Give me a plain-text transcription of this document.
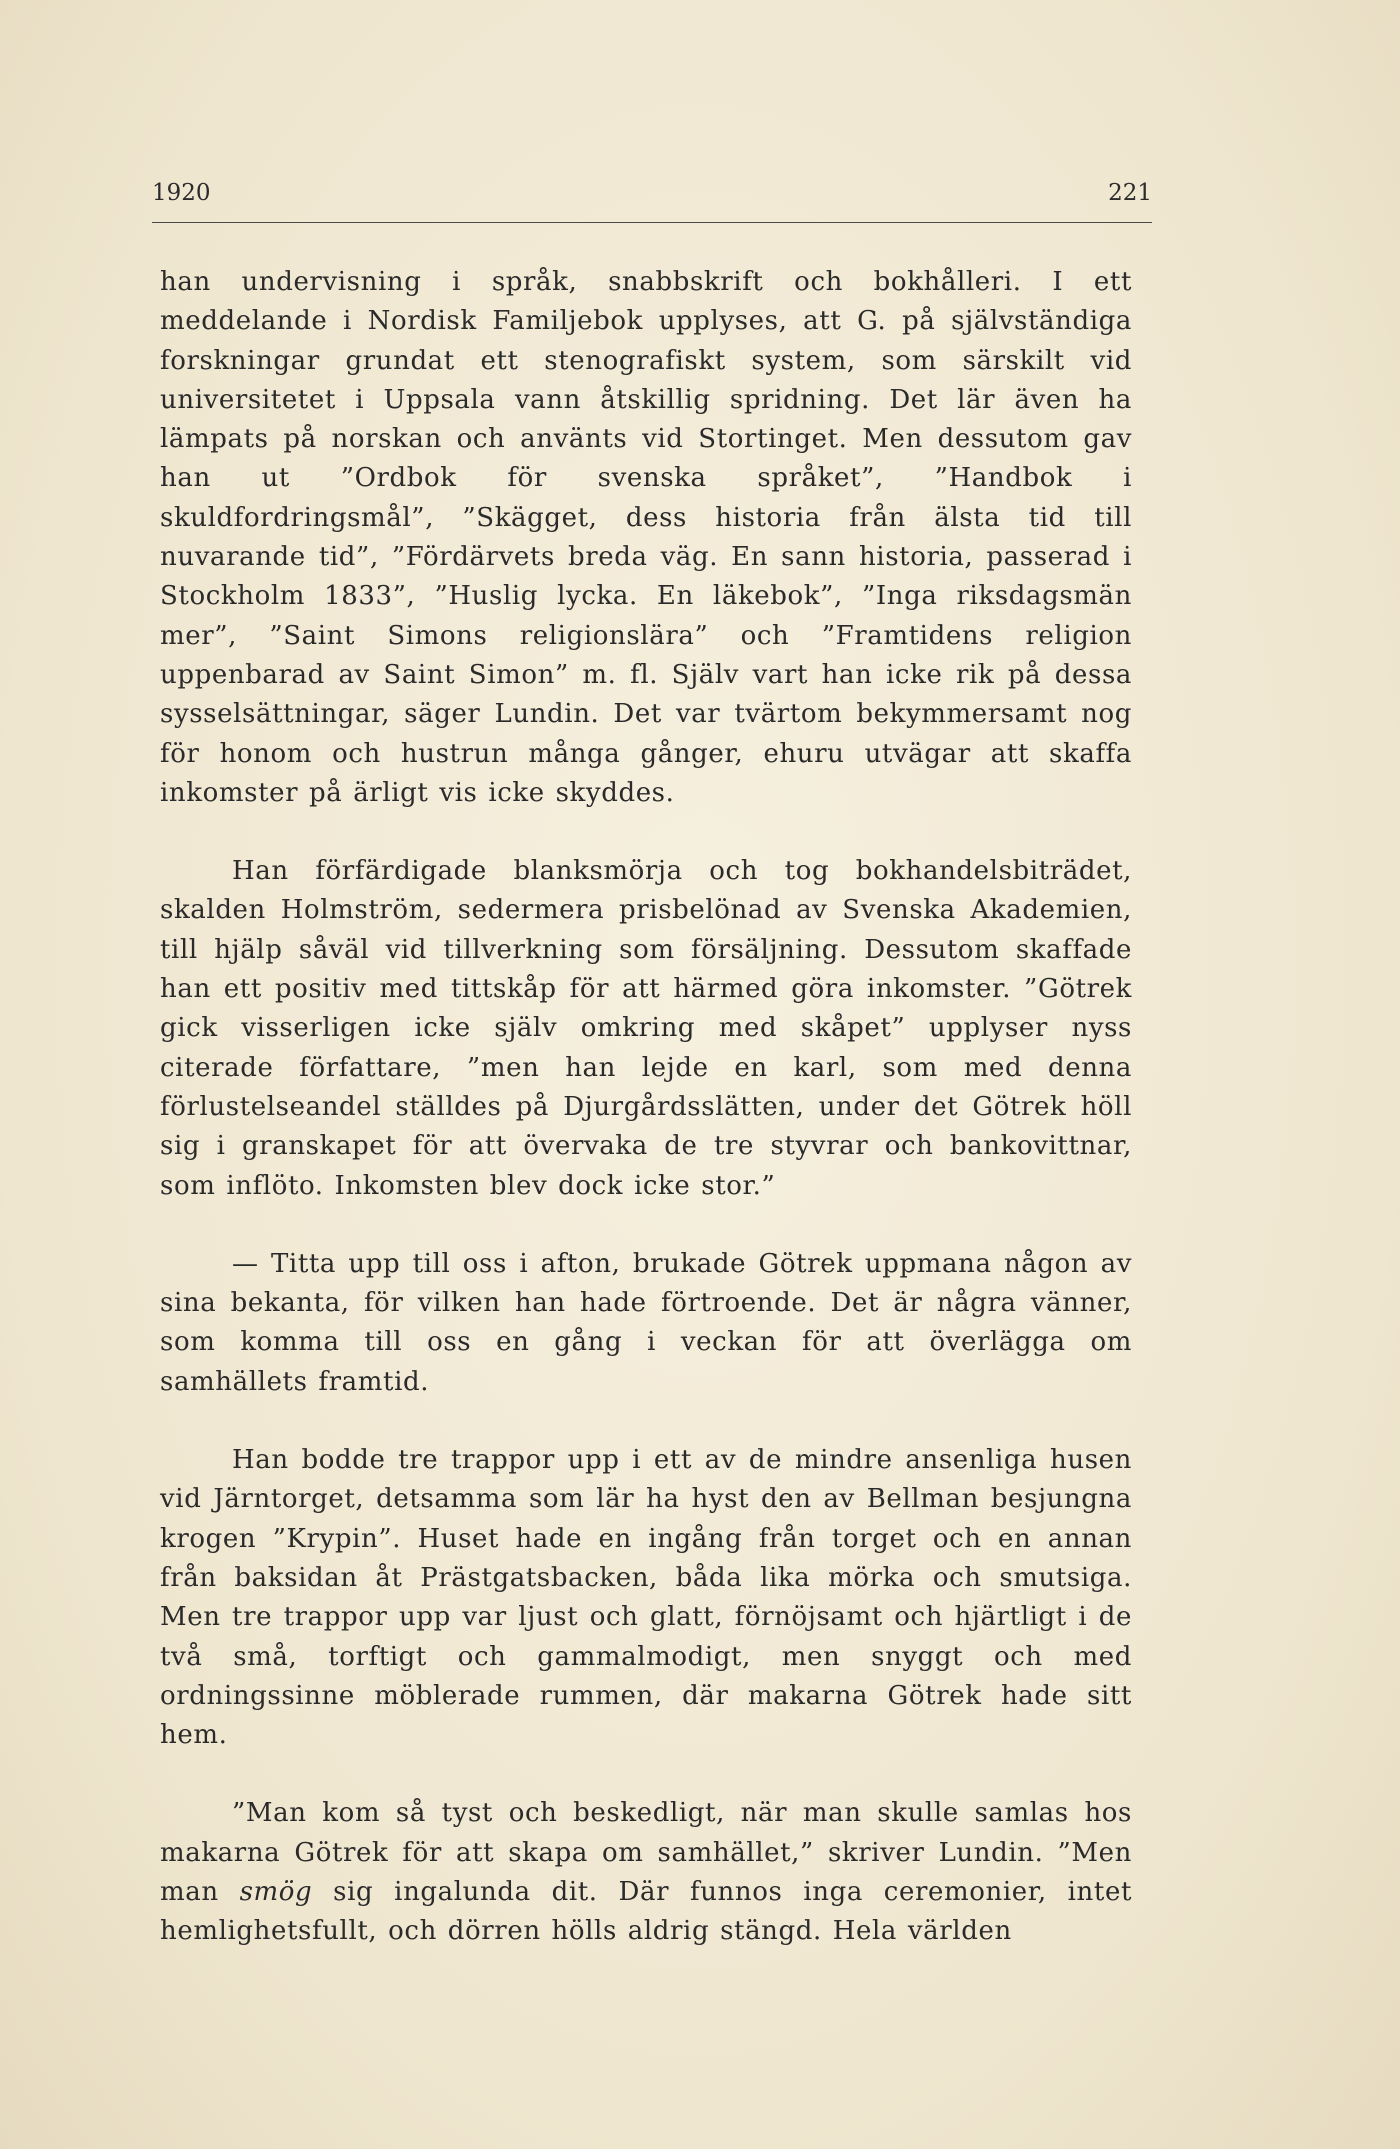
1920	221

han undervisning i språk, snabbskrift och bokhålleri. I ett meddelande i Nordisk Familjebok upplyses, att G. på självständiga forskningar grundat ett stenografiskt system, som särskilt vid universitetet i Uppsala vann åtskillig spridning. Det lär även ha lämpats på norskan och använts vid Stortinget. Men dessutom gav han ut ”Ordbok för svenska språket”, ”Handbok i skuldfordringsmål”, ”Skägget, dess historia från älsta tid till nuvarande tid”, ”Fördärvets breda väg. En sann historia, passerad i Stockholm 1833”, ”Huslig lycka. En läkebok”, ”Inga riksdagsmän mer”, ”Saint Simons religionslära” och ”Framtidens religion uppenbarad av Saint Simon” m. fl. Själv vart han icke rik på dessa sysselsättningar, säger Lundin. Det var tvärtom bekymmersamt nog för honom och hustrun många gånger, ehuru utvägar att skaffa inkomster på ärligt vis icke skyddes.

Han förfärdigade blanksmörja och tog bokhandelsbiträdet, skalden Holmström, sedermera prisbelönad av Svenska Akademien, till hjälp såväl vid tillverkning som försäljning. Dessutom skaffade han ett positiv med tittskåp för att härmed göra inkomster. ”Götrek gick visserligen icke själv omkring med skåpet” upplyser nyss citerade författare, ”men han lejde en karl, som med denna förlustelseandel ställdes på Djurgårdsslätten, under det Götrek höll sig i granskapet för att övervaka de tre styvrar och bankovittnar, som inflöto. Inkomsten blev dock icke stor.”

— Titta upp till oss i afton, brukade Götrek uppmana någon av sina bekanta, för vilken han hade förtroende. Det är några vänner, som komma till oss en gång i veckan för att överlägga om samhällets framtid.

Han bodde tre trappor upp i ett av de mindre ansenliga husen vid Järntorget, detsamma som lär ha hyst den av Bellman besjungna krogen ”Krypin”. Huset hade en ingång från torget och en annan från baksidan åt Prästgatsbacken, båda lika mörka och smutsiga. Men tre trappor upp var ljust och glatt, förnöjsamt och hjärtligt i de två små, torftigt och gammalmodigt, men snyggt och med ordningssinne möblerade rummen, där makarna Götrek hade sitt hem.

”Man kom så tyst och beskedligt, när man skulle samlas hos makarna Götrek för att skapa om samhället,” skriver Lundin. ”Men man smög sig ingalunda dit. Där funnos inga ceremonier, intet hemlighetsfullt, och dörren hölls aldrig stängd. Hela världen
